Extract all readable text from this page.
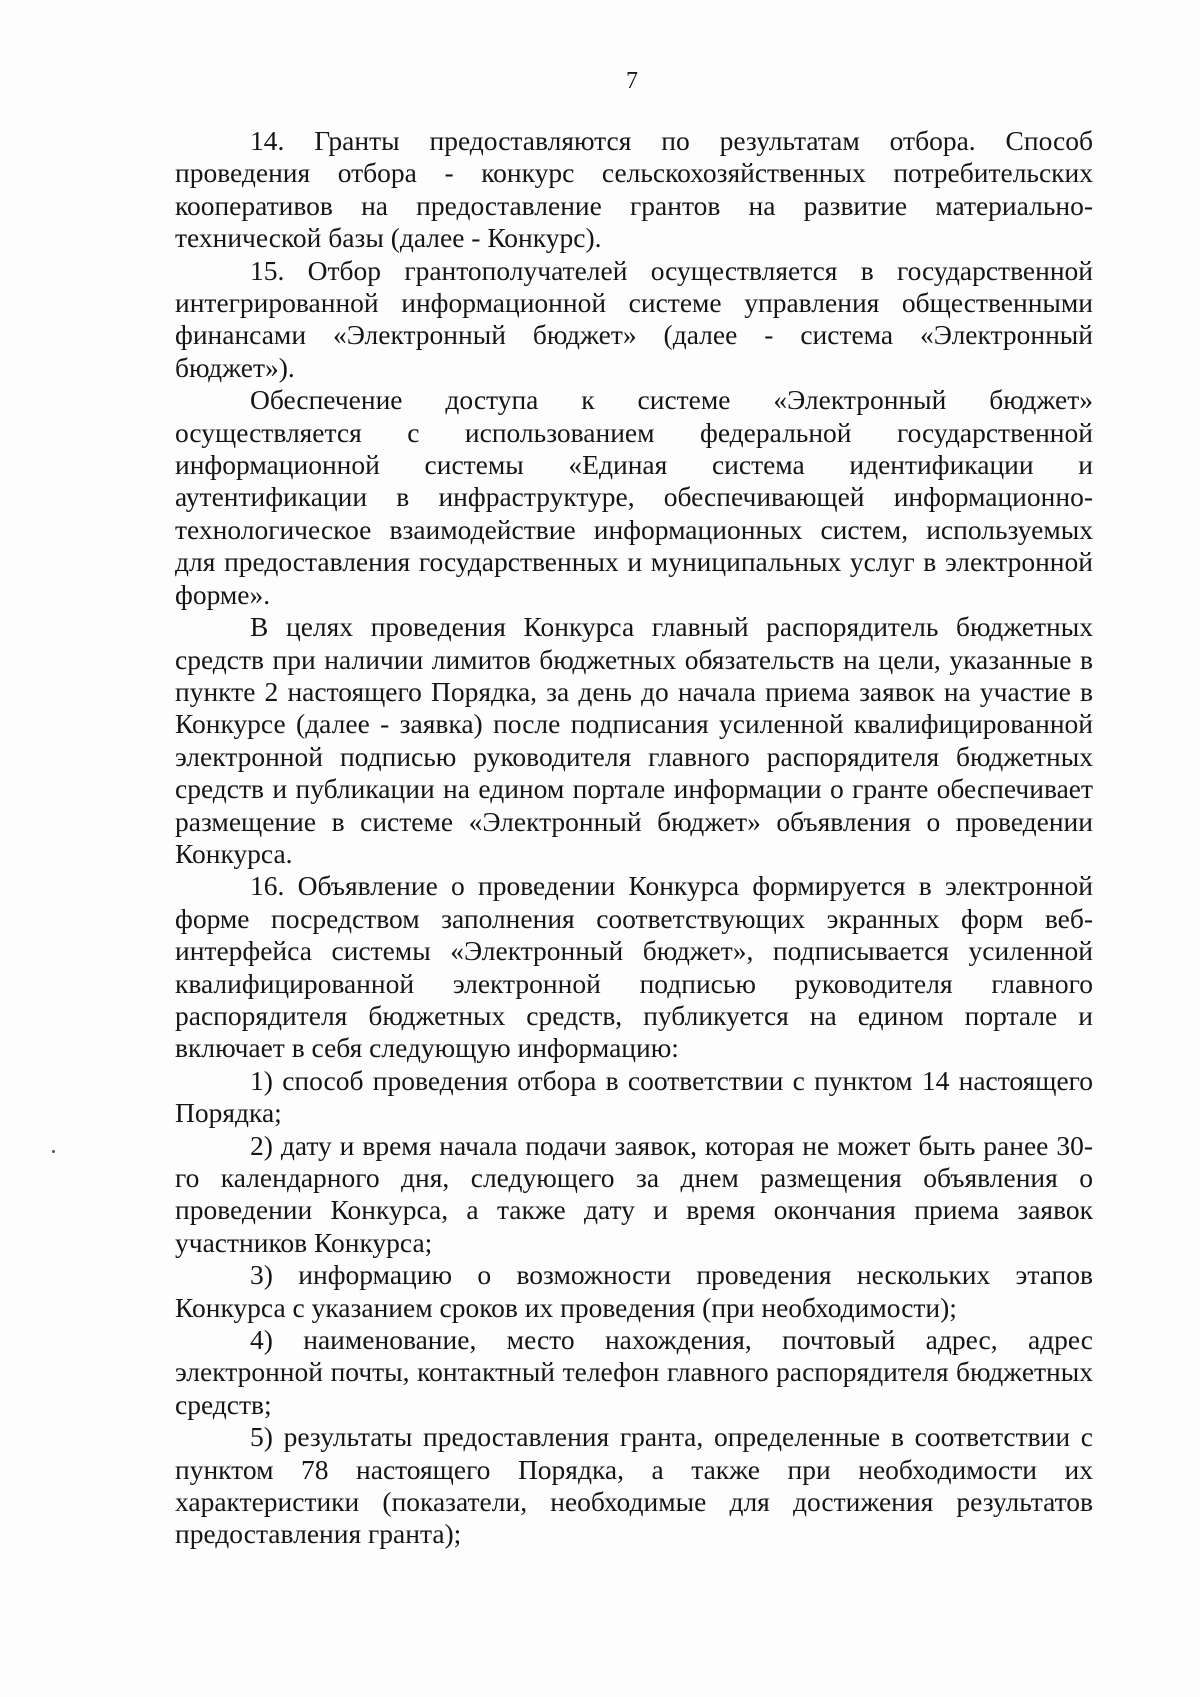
7

14. Гранты предоставляются по результатам отбора. Способ проведения отбора - конкурс сельскохозяйственных потребительских кооперативов на предоставление грантов на развитие материально-технической базы (далее - Конкурс).

15. Отбор грантополучателей осуществляется в государственной интегрированной информационной системе управления общественными финансами «Электронный бюджет» (далее - система «Электронный бюджет»).

Обеспечение доступа к системе «Электронный бюджет» осуществляется с использованием федеральной государственной информационной системы «Единая система идентификации и аутентификации в инфраструктуре, обеспечивающей информационно-технологическое взаимодействие информационных систем, используемых для предоставления государственных и муниципальных услуг в электронной форме».

В целях проведения Конкурса главный распорядитель бюджетных средств при наличии лимитов бюджетных обязательств на цели, указанные в пункте 2 настоящего Порядка, за день до начала приема заявок на участие в Конкурсе (далее - заявка) после подписания усиленной квалифицированной электронной подписью руководителя главного распорядителя бюджетных средств и публикации на едином портале информации о гранте обеспечивает размещение в системе «Электронный бюджет» объявления о проведении Конкурса.

16. Объявление о проведении Конкурса формируется в электронной форме посредством заполнения соответствующих экранных форм веб-интерфейса системы «Электронный бюджет», подписывается усиленной квалифицированной электронной подписью руководителя главного распорядителя бюджетных средств, публикуется на едином портале и включает в себя следующую информацию:

1) способ проведения отбора в соответствии с пунктом 14 настоящего Порядка;

2) дату и время начала подачи заявок, которая не может быть ранее 30-го календарного дня, следующего за днем размещения объявления о проведении Конкурса, а также дату и время окончания приема заявок участников Конкурса;

3) информацию о возможности проведения нескольких этапов Конкурса с указанием сроков их проведения (при необходимости);

4) наименование, место нахождения, почтовый адрес, адрес электронной почты, контактный телефон главного распорядителя бюджетных средств;

5) результаты предоставления гранта, определенные в соответствии с пунктом 78 настоящего Порядка, а также при необходимости их характеристики (показатели, необходимые для достижения результатов предоставления гранта);
